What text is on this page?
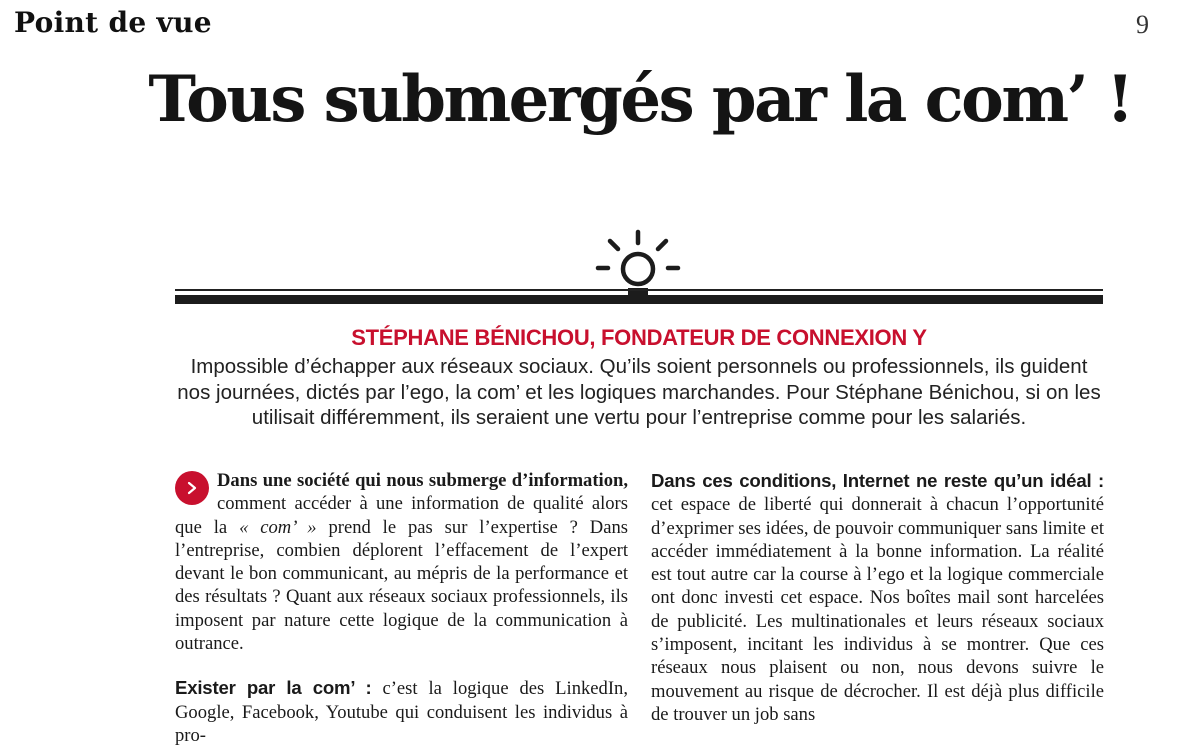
Point de vue	9
Tous submergés par la com’ !
STÉPHANE BÉNICHOU, FONDATEUR DE CONNEXION Y
Impossible d’échapper aux réseaux sociaux. Qu’ils soient personnels ou professionnels, ils guident nos journées, dictés par l’ego, la com’ et les logiques marchandes. Pour Stéphane Bénichou, si on les utilisait différemment, ils seraient une vertu pour l’entreprise comme pour les salariés.

Dans une société qui nous submerge d’information, comment accéder à une information de qualité alors que la « com’ » prend le pas sur l’expertise ? Dans l’entreprise, combien déplorent l’effacement de l’expert devant le bon communicant, au mépris de la performance et des résultats ? Quant aux réseaux sociaux professionnels, ils imposent par nature cette logique de la communication à outrance.

Exister par la com’ : c’est la logique des LinkedIn, Google, Facebook, Youtube qui conduisent les individus à pro-

Dans ces conditions, Internet ne reste qu’un idéal : cet espace de liberté qui donnerait à chacun l’opportunité d’exprimer ses idées, de pouvoir communiquer sans limite et accéder immédiatement à la bonne information. La réalité est tout autre car la course à l’ego et la logique commerciale ont donc investi cet espace. Nos boîtes mail sont harcelées de publicité. Les multinationales et leurs réseaux sociaux s’imposent, incitant les individus à se montrer. Que ces réseaux nous plaisent ou non, nous devons suivre le mouvement au risque de décrocher. Il est déjà plus difficile de trouver un job sans
